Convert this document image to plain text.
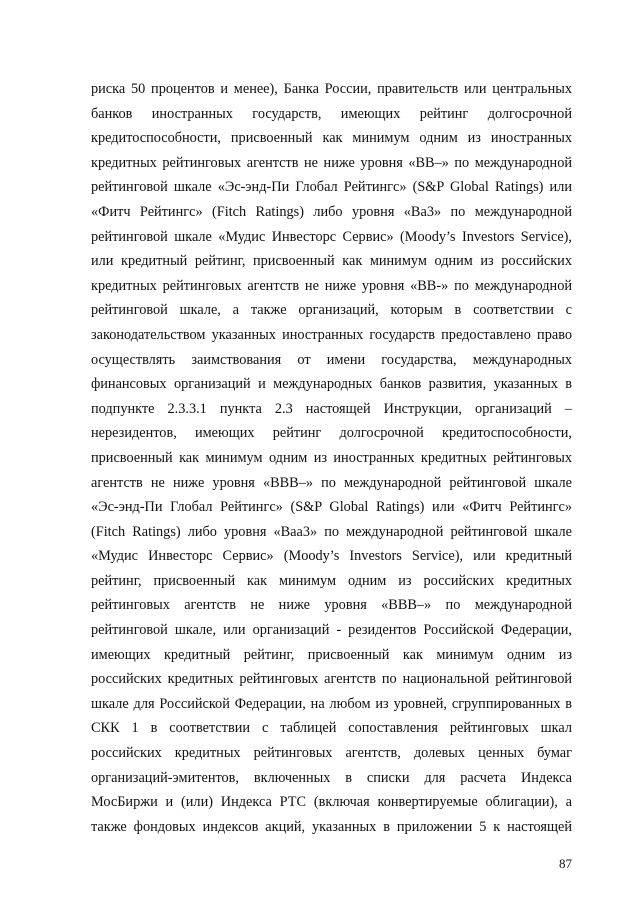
риска 50 процентов и менее), Банка России, правительств или центральных
банков иностранных государств, имеющих рейтинг долгосрочной
кредитоспособности, присвоенный как минимум одним из иностранных
кредитных рейтинговых агентств не ниже уровня «BB–» по международной
рейтинговой шкале «Эс-энд-Пи Глобал Рейтингс» (S&P Global Ratings) или
«Фитч Рейтингс» (Fitch Ratings) либо уровня «Ba3» по международной
рейтинговой шкале «Мудис Инвесторс Сервис» (Moody’s Investors Service),
или кредитный рейтинг, присвоенный как минимум одним из российских
кредитных рейтинговых агентств не ниже уровня «BB-» по международной
рейтинговой шкале, а также организаций, которым в соответствии с
законодательством указанных иностранных государств предоставлено право
осуществлять заимствования от имени государства, международных
финансовых организаций и международных банков развития, указанных в
подпункте 2.3.3.1 пункта 2.3 настоящей Инструкции, организаций –
нерезидентов, имеющих рейтинг долгосрочной кредитоспособности,
присвоенный как минимум одним из иностранных кредитных рейтинговых
агентств не ниже уровня «BBB–» по международной рейтинговой шкале
«Эс-энд-Пи Глобал Рейтингс» (S&P Global Ratings) или «Фитч Рейтингс»
(Fitch Ratings) либо уровня «Baa3» по международной рейтинговой шкале
«Мудис Инвесторс Сервис» (Moody’s Investors Service), или кредитный
рейтинг, присвоенный как минимум одним из российских кредитных
рейтинговых агентств не ниже уровня «BBB–» по международной
рейтинговой шкале, или организаций - резидентов Российской Федерации,
имеющих кредитный рейтинг, присвоенный как минимум одним из
российских кредитных рейтинговых агентств по национальной рейтинговой
шкале для Российской Федерации, на любом из уровней, сгруппированных в
СКК 1 в соответствии с таблицей сопоставления рейтинговых шкал
российских кредитных рейтинговых агентств, долевых ценных бумаг
организаций-эмитентов, включенных в списки для расчета Индекса
МосБиржи и (или) Индекса РТС (включая конвертируемые облигации), а
также фондовых индексов акций, указанных в приложении 5 к настоящей
87
